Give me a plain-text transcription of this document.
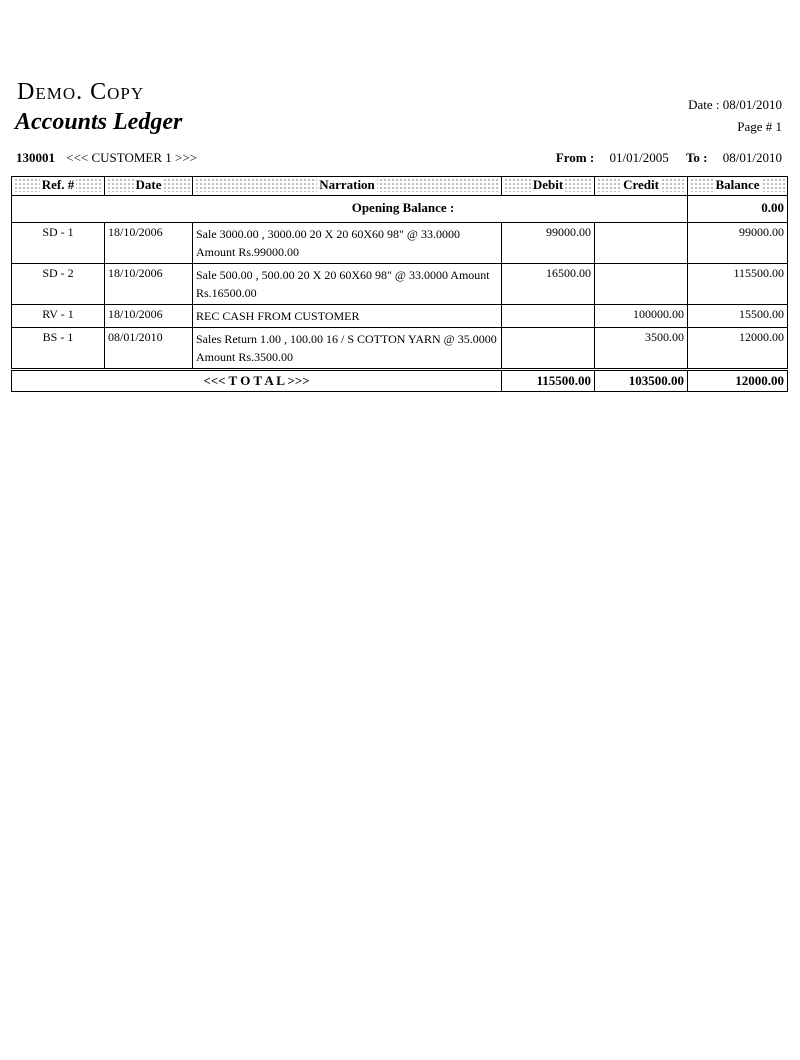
Demo. Copy
Accounts Ledger
Date : 08/01/2010
Page # 1
130001 <<< CUSTOMER 1 >>>	From : 01/01/2005 To : 08/01/2010
Ref. #	Date	Narration	Debit	Credit	Balance

Opening Balance :					0.00
SD - 1	18/10/2006	Sale 3000.00 , 3000.00 20 X 20 60X60 98" @ 33.0000 Amount Rs.99000.00	99000.00		99000.00
SD - 2	18/10/2006	Sale 500.00 , 500.00 20 X 20 60X60 98" @ 33.0000 Amount Rs.16500.00	16500.00		115500.00
RV - 1	18/10/2006	REC CASH FROM CUSTOMER		100000.00	15500.00
BS - 1	08/01/2010	Sales Return 1.00 , 100.00 16 / S COTTON YARN @ 35.0000 Amount Rs.3500.00		3500.00	12000.00
<<< T O T A L >>>			115500.00	103500.00	12000.00
